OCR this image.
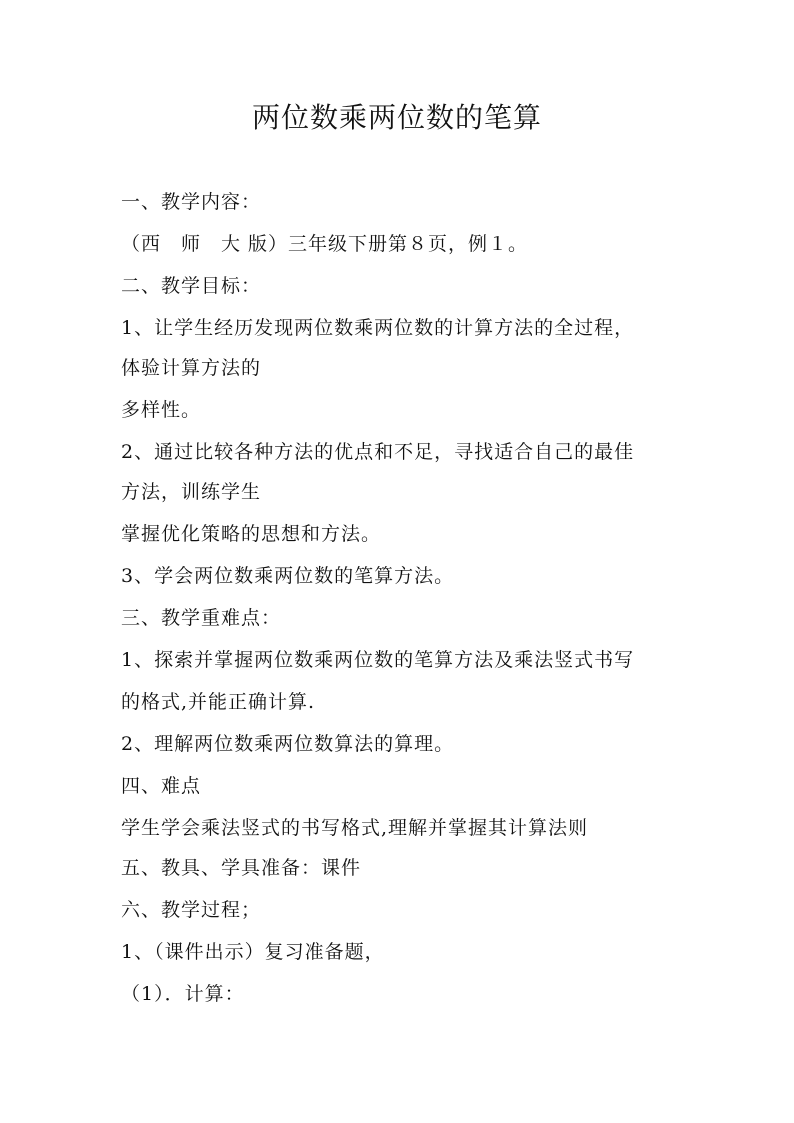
两位数乘两位数的笔算
一、教学内容：
（西　师　大 版）三年级下册第８页，例１。
二、教学目标：
1、让学生经历发现两位数乘两位数的计算方法的全过程，
体验计算方法的
多样性。
2、通过比较各种方法的优点和不足，寻找适合自己的最佳
方法，训练学生
掌握优化策略的思想和方法。
3、学会两位数乘两位数的笔算方法。
三、教学重难点：
1、探索并掌握两位数乘两位数的笔算方法及乘法竖式书写
的格式,并能正确计算.
2、理解两位数乘两位数算法的算理。
四、难点
学生学会乘法竖式的书写格式,理解并掌握其计算法则
五、教具、学具准备：课件
六、教学过程；
1、（课件出示）复习准备题，
（1）．计算：
